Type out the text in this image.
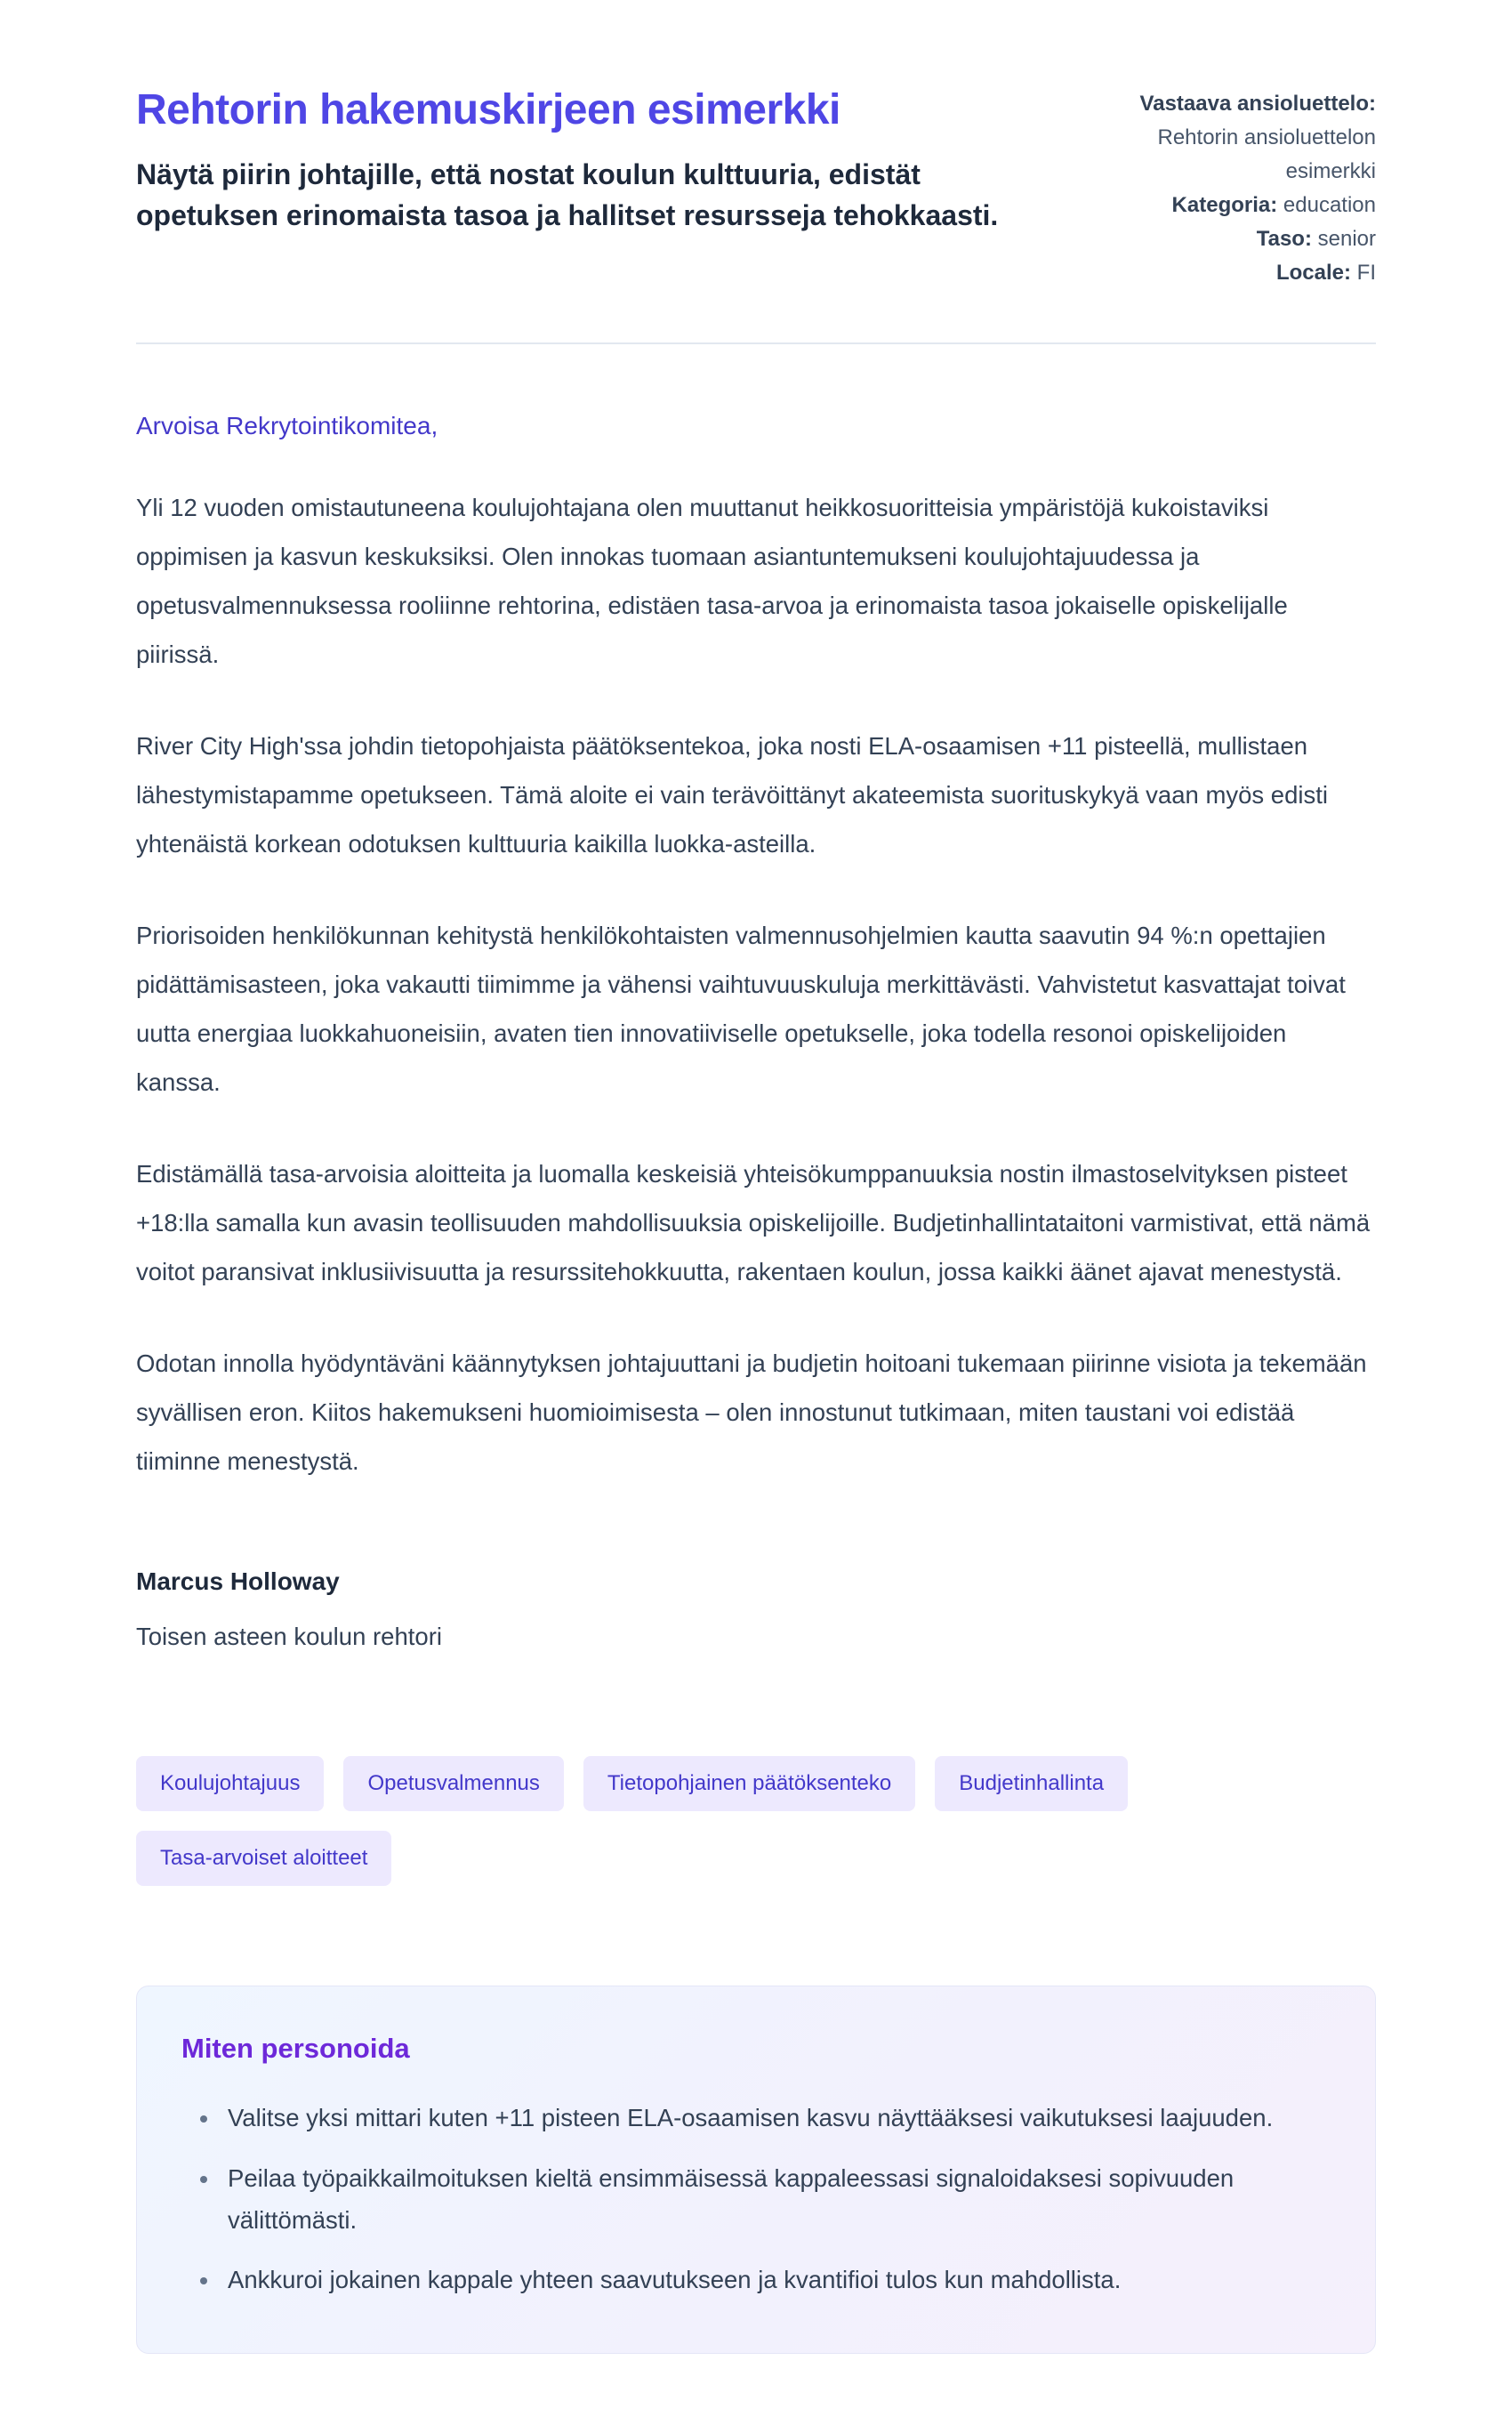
Rehtorin hakemuskirjeen esimerkki

Näytä piirin johtajille, että nostat koulun kulttuuria, edistät opetuksen erinomaista tasoa ja hallitset resursseja tehokkaasti.

Vastaava ansioluettelo: Rehtorin ansioluettelon esimerkki
Kategoria: education
Taso: senior
Locale: FI

Arvoisa Rekrytointikomitea,

Yli 12 vuoden omistautuneena koulujohtajana olen muuttanut heikkosuoritteisia ympäristöjä kukoistaviksi oppimisen ja kasvun keskuksiksi. Olen innokas tuomaan asiantuntemukseni koulujohtajuudessa ja opetusvalmennuksessa rooliinne rehtorina, edistäen tasa-arvoa ja erinomaista tasoa jokaiselle opiskelijalle piirissä.

River City High'ssa johdin tietopohjaista päätöksentekoa, joka nosti ELA-osaamisen +11 pisteellä, mullistaen lähestymistapamme opetukseen. Tämä aloite ei vain terävöittänyt akateemista suorituskykyä vaan myös edisti yhtenäistä korkean odotuksen kulttuuria kaikilla luokka-asteilla.

Priorisoiden henkilökunnan kehitystä henkilökohtaisten valmennusohjelmien kautta saavutin 94 %:n opettajien pidättämisasteen, joka vakautti tiimimme ja vähensi vaihtuvuuskuluja merkittävästi. Vahvistetut kasvattajat toivat uutta energiaa luokkahuoneisiin, avaten tien innovatiiviselle opetukselle, joka todella resonoi opiskelijoiden kanssa.

Edistämällä tasa-arvoisia aloitteita ja luomalla keskeisiä yhteisökumppanuuksia nostin ilmastoselvityksen pisteet +18:lla samalla kun avasin teollisuuden mahdollisuuksia opiskelijoille. Budjetinhallintataitoni varmistivat, että nämä voitot paransivat inklusiivisuutta ja resurssitehokkuutta, rakentaen koulun, jossa kaikki äänet ajavat menestystä.

Odotan innolla hyödyntäväni käännytyksen johtajuuttani ja budjetin hoitoani tukemaan piirinne visiota ja tekemään syvällisen eron. Kiitos hakemukseni huomioimisesta – olen innostunut tutkimaan, miten taustani voi edistää tiiminne menestystä.

Marcus Holloway

Toisen asteen koulun rehtori

Koulujohtajuus	Opetusvalmennus	Tietopohjainen päätöksenteko	Budjetinhallinta
Tasa-arvoiset aloitteet
Miten personoida
• Valitse yksi mittari kuten +11 pisteen ELA-osaamisen kasvu näyttääksesi vaikutuksesi laajuuden.
• Peilaa työpaikkailmoituksen kieltä ensimmäisessä kappaleessasi signaloidaksesi sopivuuden välittömästi.
• Ankkuroi jokainen kappale yhteen saavutukseen ja kvantifioi tulos kun mahdollista.
